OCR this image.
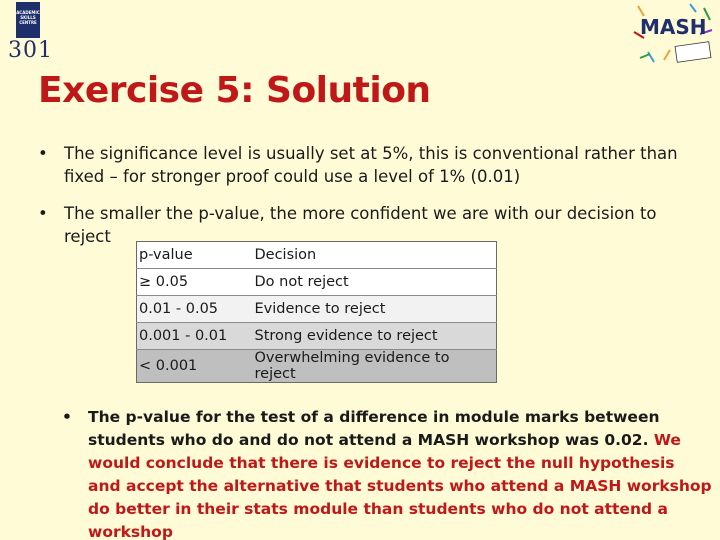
ACADEMIC SKILLS CENTRE
301
MASH
Exercise 5: Solution
• The significance level is usually set at 5%, this is conventional rather than fixed – for stronger proof could use a level of 1% (0.01)
• The smaller the p-value, the more confident we are with our decision to reject
p-value	Decision
≥ 0.05	Do not reject
0.01 - 0.05	Evidence to reject
0.001 - 0.01	Strong evidence to reject
< 0.001	Overwhelming evidence to reject
•	The p-value for the test of a difference in module marks between students who do and do not attend a MASH workshop was 0.02. We would conclude that there is evidence to reject the null hypothesis and accept the alternative that students who attend a MASH workshop do better in their stats module than students who do not attend a workshop
